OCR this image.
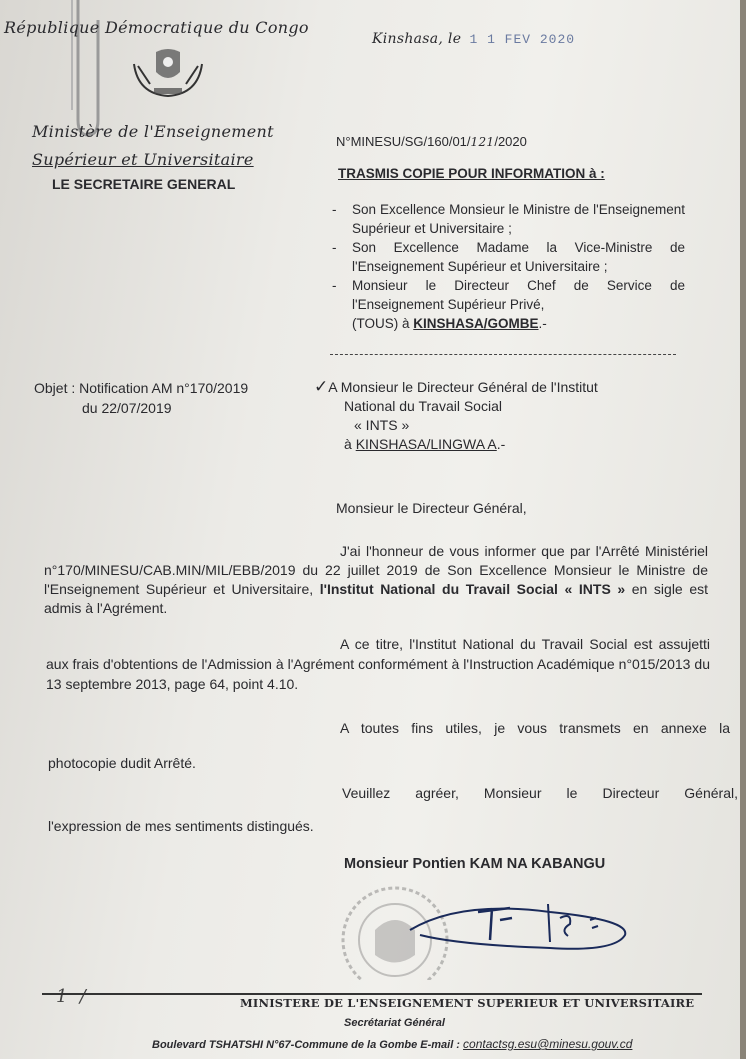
République Démocratique du Congo
Ministère de l'Enseignement
Supérieur et Universitaire
LE SECRETAIRE GENERAL
Kinshasa, le 1 1 FEV 2020
N°MINESU/SG/160/01/121/2020
TRASMIS COPIE POUR INFORMATION à :

- Son Excellence Monsieur le Ministre de l'Enseignement Supérieur et Universitaire ;

- Son Excellence Madame la Vice-Ministre de l'Enseignement Supérieur et Universitaire ;

- Monsieur le Directeur Chef de Service de l'Enseignement Supérieur Privé,

(TOUS) à KINSHASA/GOMBE.-

Objet : Notification AM n°170/2019
du 22/07/2019
✓A Monsieur le Directeur Général de l'Institut
National du Travail Social
« INTS »
à KINSHASA/LINGWA A.-
Monsieur le Directeur Général,
J'ai l'honneur de vous informer que par l'Arrêté Ministériel n°170/MINESU/CAB.MIN/MIL/EBB/2019 du 22 juillet 2019 de Son Excellence Monsieur le Ministre de l'Enseignement Supérieur et Universitaire, l'Institut National du Travail Social « INTS » en sigle est admis à l'Agrément.
A ce titre, l'Institut National du Travail Social est assujetti aux frais d'obtentions de l'Admission à l'Agrément conformément à l'Instruction Académique n°015/2013 du 13 septembre 2013, page 64, point 4.10.
A toutes fins utiles, je vous transmets en annexe la
photocopie dudit Arrêté.
Veuillez agréer, Monsieur le Directeur Général,
l'expression de mes sentiments distingués.
Monsieur Pontien KAM NA KABANGU
1  /	MINISTERE DE L'ENSEIGNEMENT SUPERIEUR ET UNIVERSITAIRE
Secrétariat Général
Boulevard TSHATSHI N°67-Commune de la Gombe E-mail : contactsg.esu@minesu.gouv.cd
